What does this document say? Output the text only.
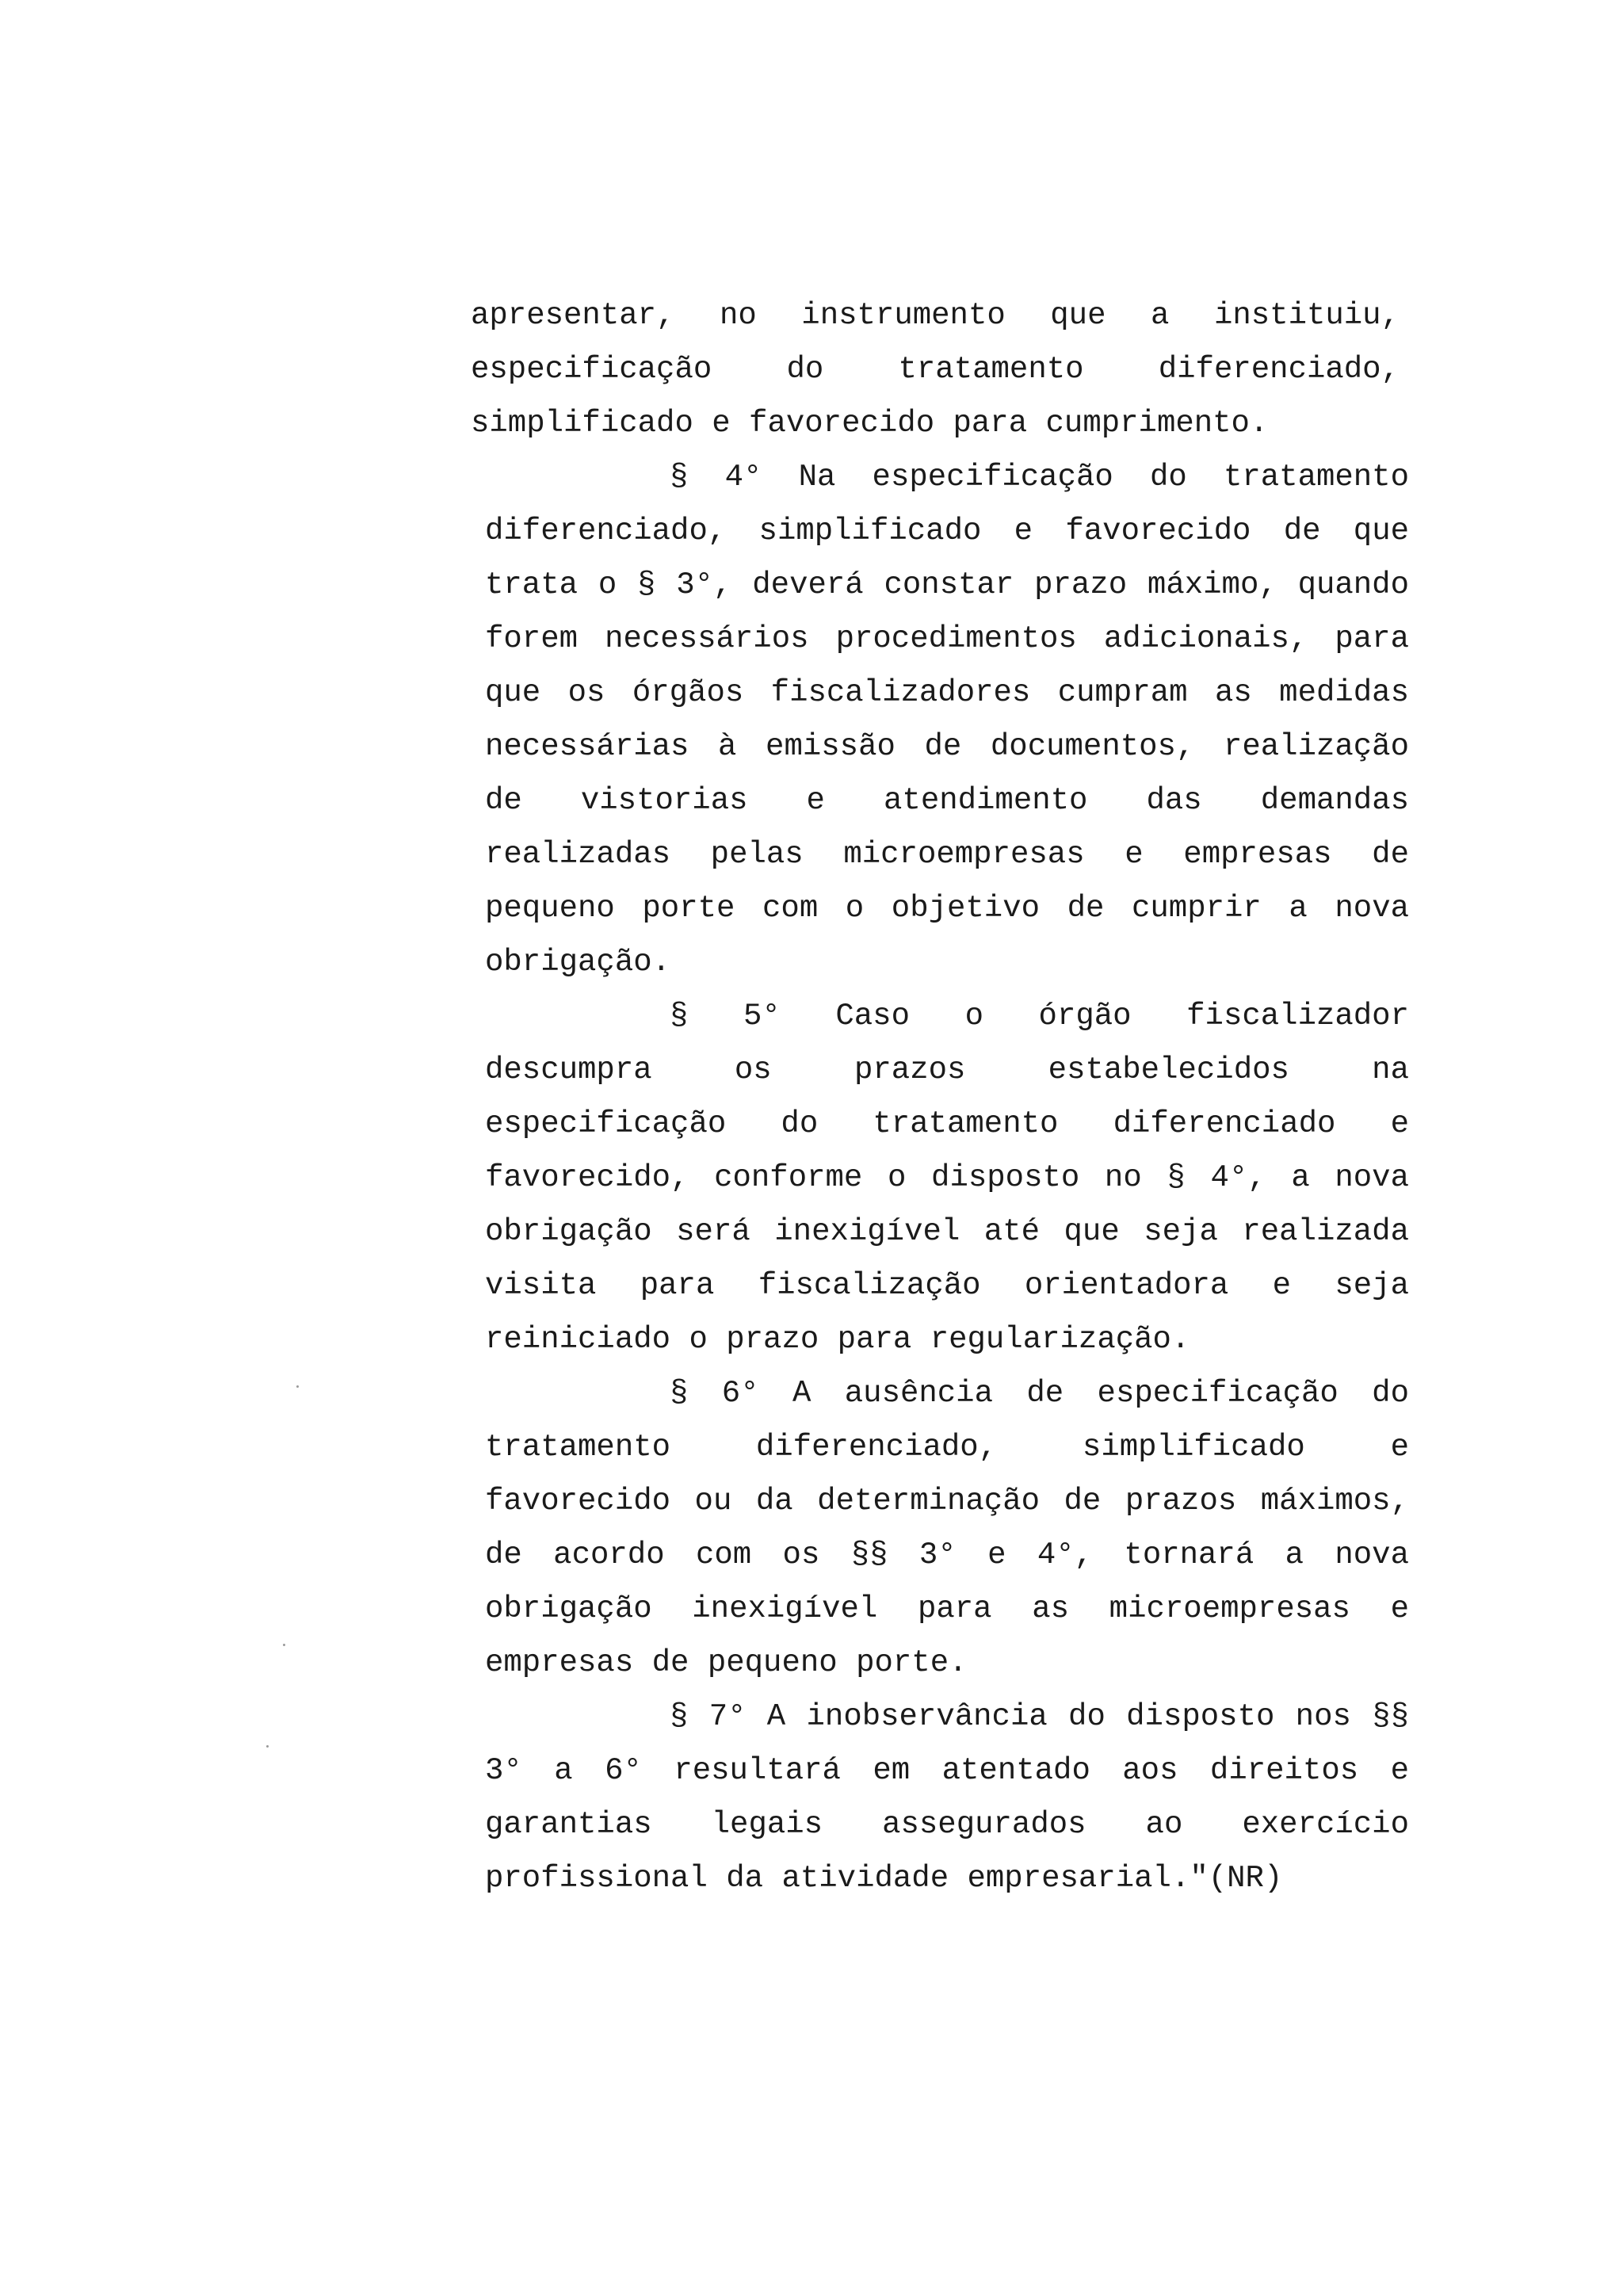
apresentar, no instrumento que a instituiu, especificação do tratamento diferenciado, simplificado e favorecido para cumprimento.

§ 4° Na especificação do tratamento diferenciado, simplificado e favorecido de que trata o § 3°, deverá constar prazo máximo, quando forem necessários procedimentos adicionais, para que os órgãos fiscalizadores cumpram as medidas necessárias à emissão de documentos, realização de vistorias e atendimento das demandas realizadas pelas microempresas e empresas de pequeno porte com o objetivo de cumprir a nova obrigação.

§ 5° Caso o órgão fiscalizador descumpra os prazos estabelecidos na especificação do tratamento diferenciado e favorecido, conforme o disposto no § 4°, a nova obrigação será inexigível até que seja realizada visita para fiscalização orientadora e seja reiniciado o prazo para regularização.

§ 6° A ausência de especificação do tratamento diferenciado, simplificado e favorecido ou da determinação de prazos máximos, de acordo com os §§ 3° e 4°, tornará a nova obrigação inexigível para as microempresas e empresas de pequeno porte.

§ 7° A inobservância do disposto nos §§ 3° a 6° resultará em atentado aos direitos e garantias legais assegurados ao exercício profissional da atividade empresarial."(NR)
